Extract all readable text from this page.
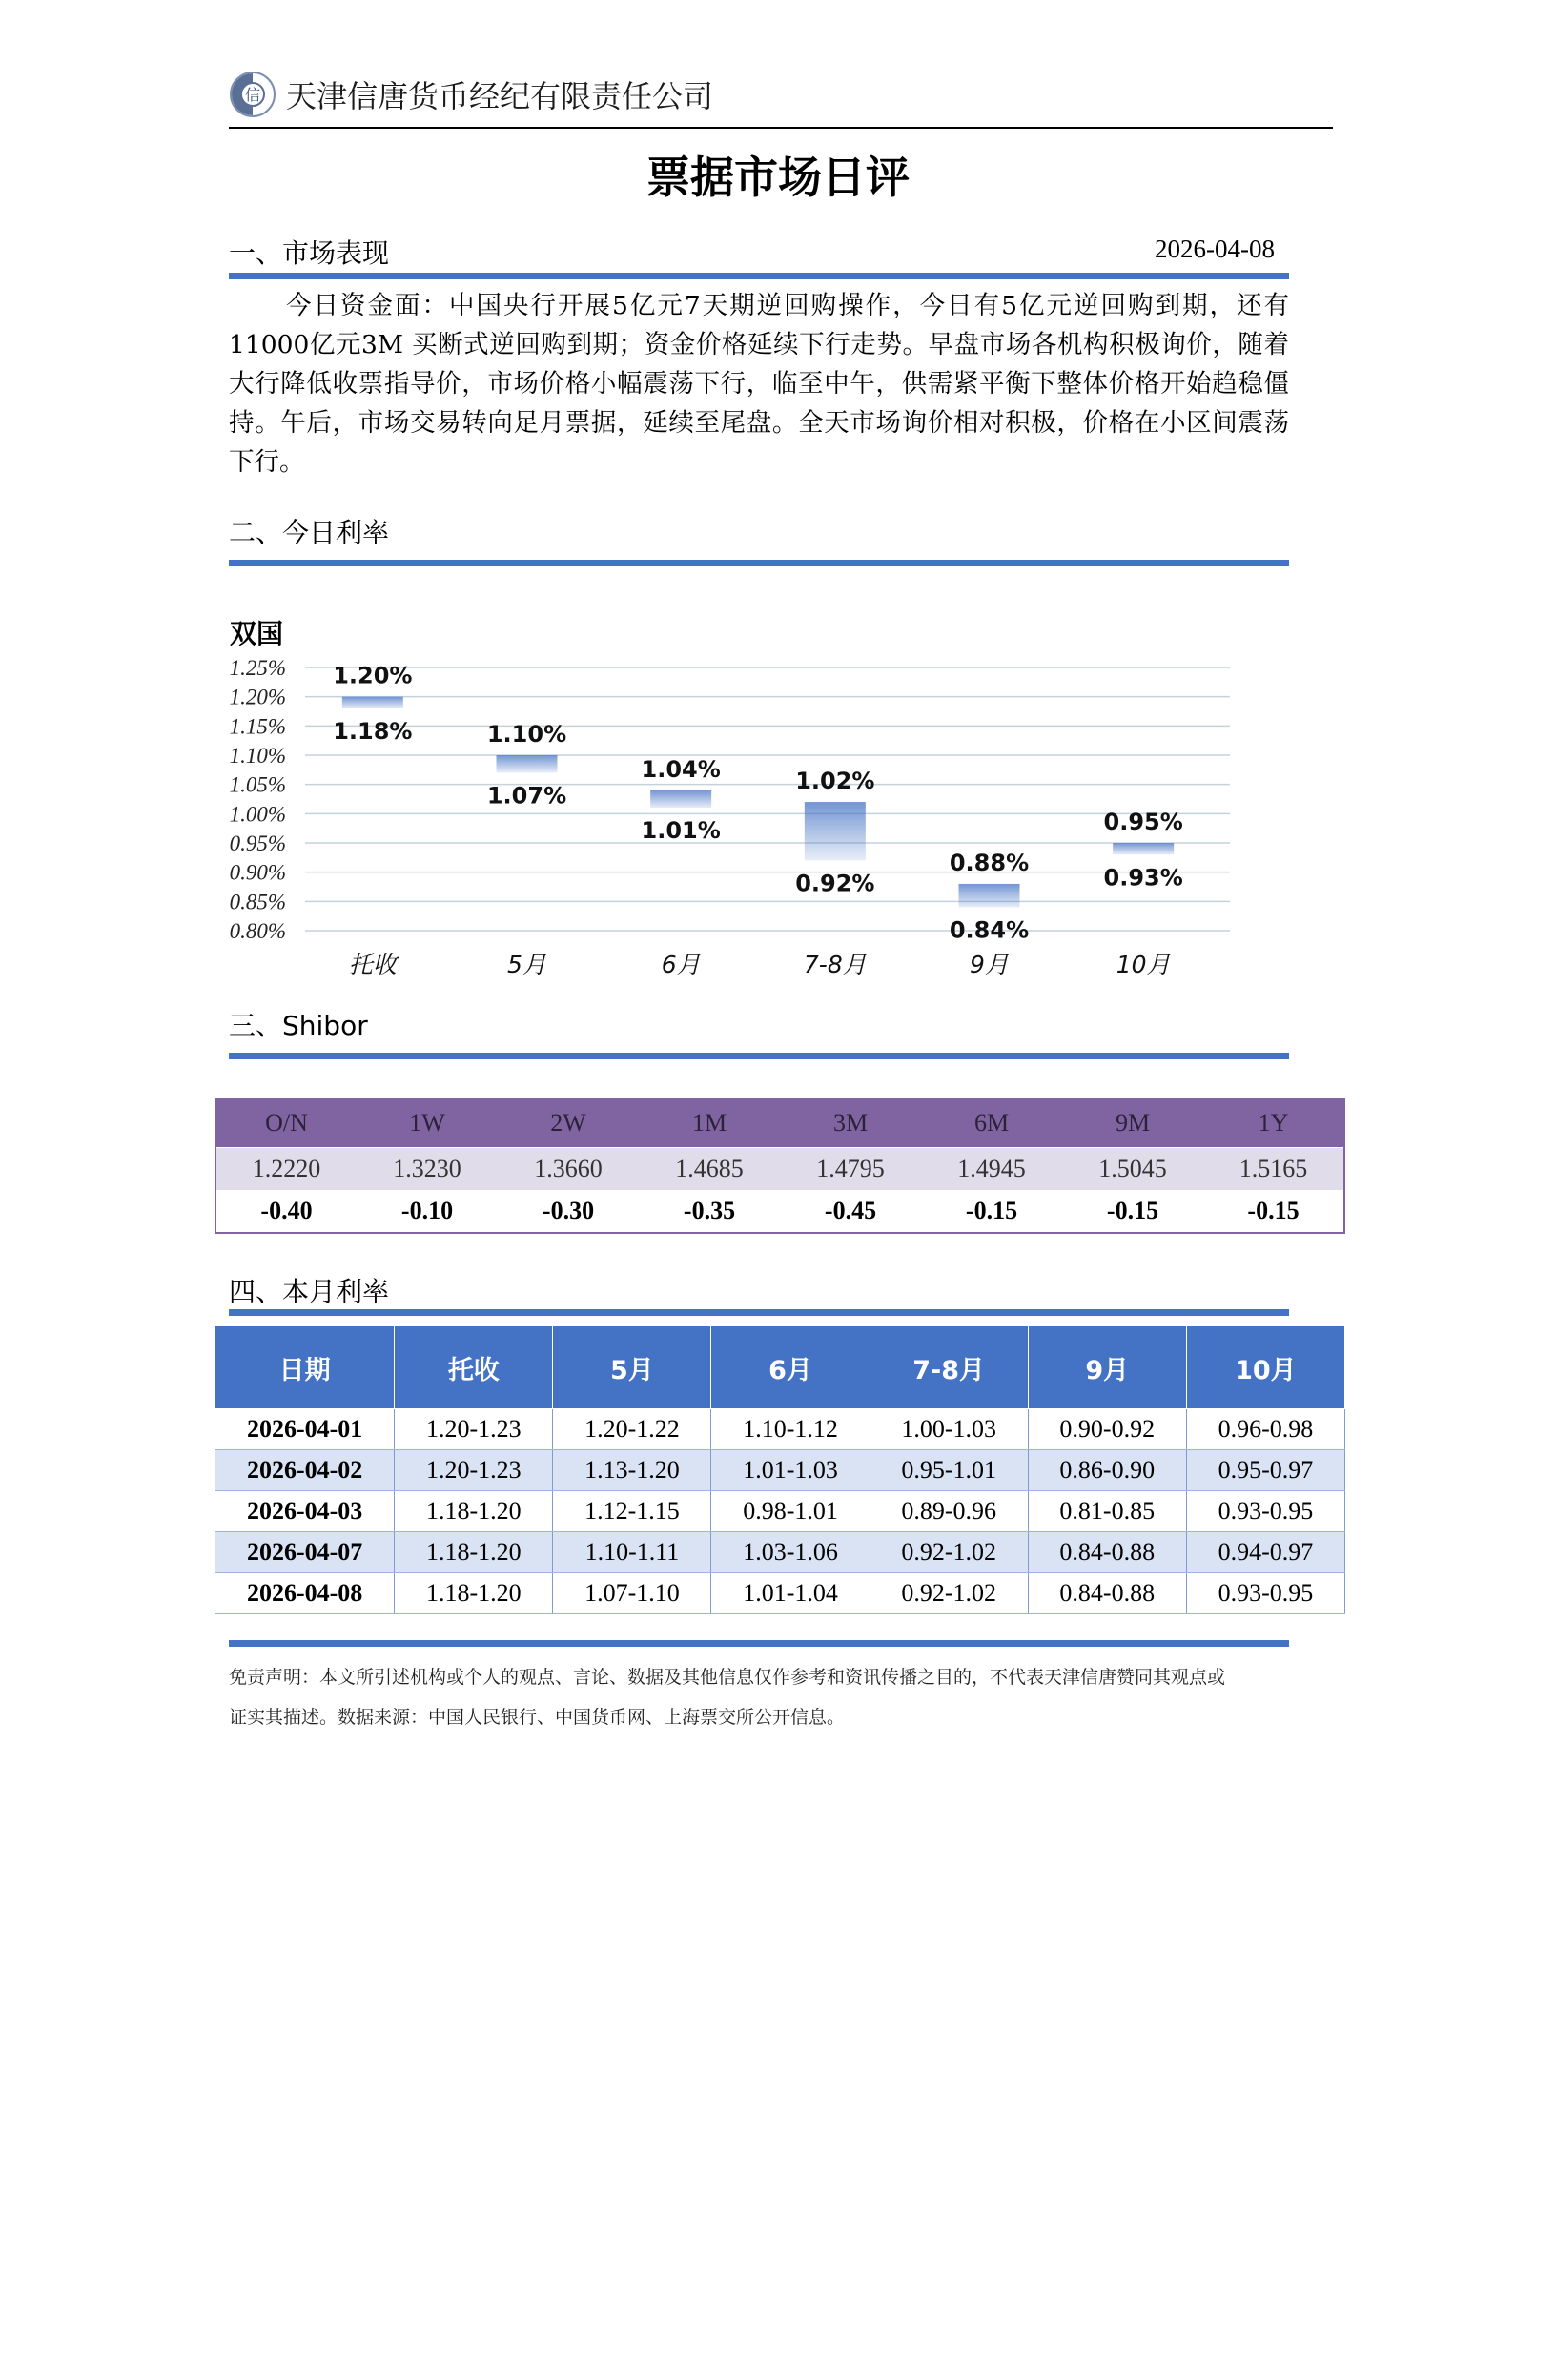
信 天津信唐货币经纪有限责任公司
票据市场日评
一、市场表现	2026-04-08
今日资金面：中国央行开展5亿元7天期逆回购操作，今日有5亿元逆回购到期，还有11000亿元3M 买断式逆回购到期；资金价格延续下行走势。早盘市场各机构积极询价，随着大行降低收票指导价，市场价格小幅震荡下行，临至中午，供需紧平衡下整体价格开始趋稳僵持。午后，市场交易转向足月票据，延续至尾盘。全天市场询价相对积极，价格在小区间震荡下行。
二、今日利率
双国
0.80%
0.85%
0.90%
0.95%
1.00%
1.05%
1.10%
1.15%
1.20%
1.25% 1.20%
1.18%	1.10%
1.07%
1.04%
1.01%
1.02%
0.92%
0.88%
0.84%
0.95%
0.93%
托收	5月	6月	7-8月	9月	10月
三、Shibor
O/N	1W	2W	1M	3M	6M	9M	1Y
1.2220	1.3230	1.3660	1.4685	1.4795	1.4945	1.5045	1.5165
-0.40	-0.10	-0.30	-0.35	-0.45	-0.15	-0.15	-0.15
四、本月利率
日期	托收	5月	6月	7-8月	9月	10月
2026-04-01	1.20-1.23	1.20-1.22	1.10-1.12	1.00-1.03	0.90-0.92	0.96-0.98
2026-04-02	1.20-1.23	1.13-1.20	1.01-1.03	0.95-1.01	0.86-0.90	0.95-0.97
2026-04-03	1.18-1.20	1.12-1.15	0.98-1.01	0.89-0.96	0.81-0.85	0.93-0.95
2026-04-07	1.18-1.20	1.10-1.11	1.03-1.06	0.92-1.02	0.84-0.88	0.94-0.97
2026-04-08	1.18-1.20	1.07-1.10	1.01-1.04	0.92-1.02	0.84-0.88	0.93-0.95
免责声明：本文所引述机构或个人的观点、言论、数据及其他信息仅作参考和资讯传播之目的，不代表天津信唐赞同其观点或
证实其描述。数据来源：中国人民银行、中国货币网、上海票交所公开信息。
